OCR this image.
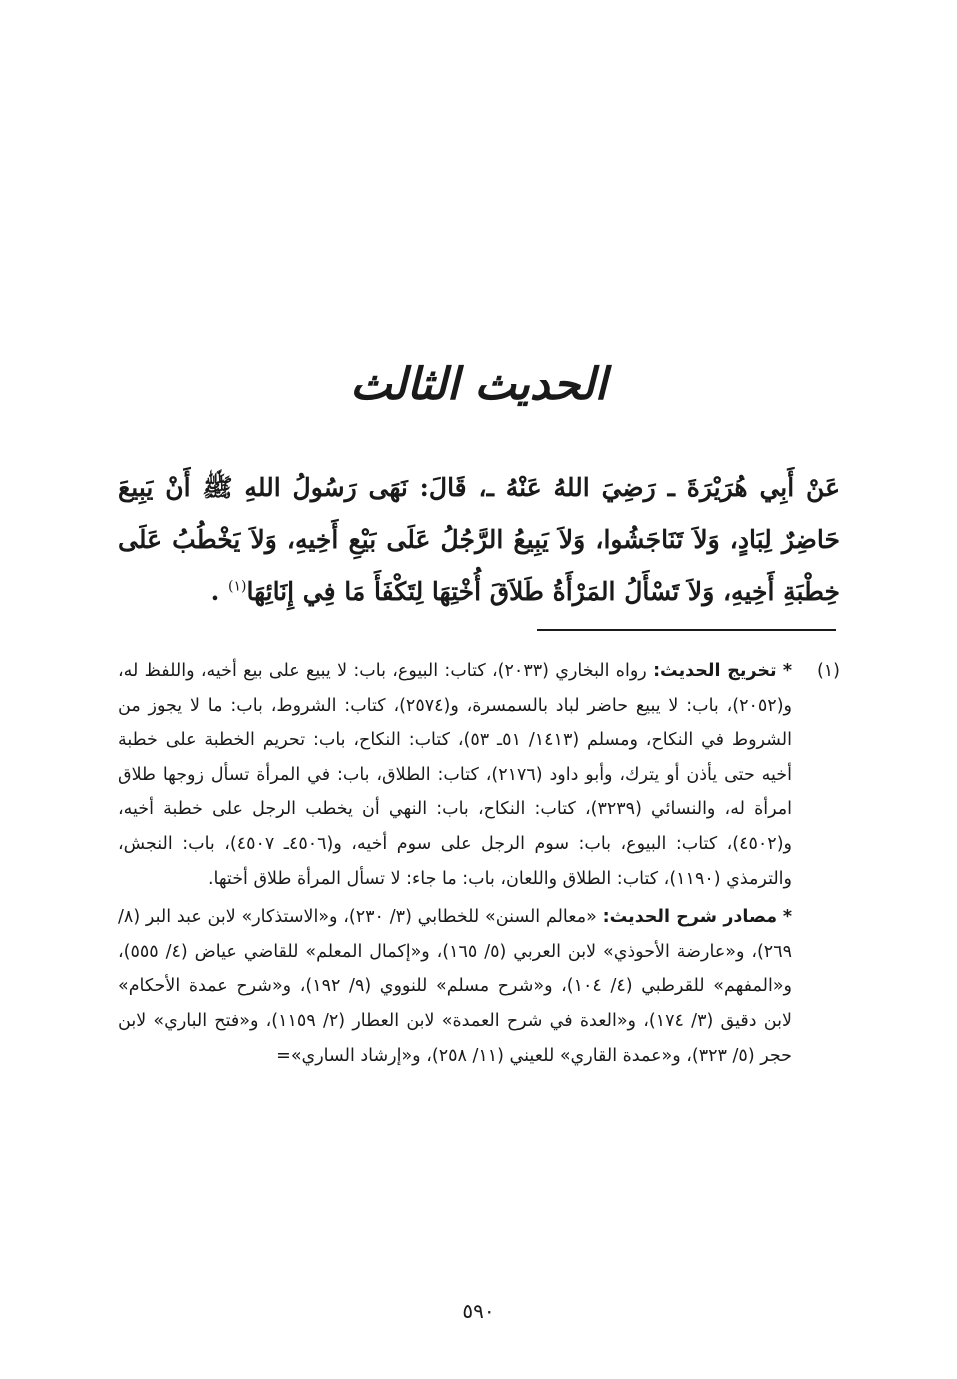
الحديث الثالث
عَنْ أَبِي هُرَيْرَةَ ـ رَضِيَ اللهُ عَنْهُ ـ، قَالَ: نَهَى رَسُولُ اللهِ ﷺ أَنْ يَبِيعَ حَاضِرٌ لِبَادٍ، وَلاَ تَنَاجَشُوا، وَلاَ يَبِيعُ الرَّجُلُ عَلَى بَيْعِ أَخِيهِ، وَلاَ يَخْطُبُ عَلَى خِطْبَةِ أَخِيهِ، وَلاَ تَسْأَلُ المَرْأَةُ طَلاَقَ أُخْتِهَا لِتَكْفَأَ مَا فِي إِنَائِهَا$^{(١)}$ .
(١)

* تخريج الحديث: رواه البخاري (٢٠٣٣)، كتاب: البيوع، باب: لا يبيع على بيع أخيه، واللفظ له، و(٢٠٥٢)، باب: لا يبيع حاضر لباد بالسمسرة، و(٢٥٧٤)، كتاب: الشروط، باب: ما لا يجوز من الشروط في النكاح، ومسلم (١٤١٣/ ٥١ـ ٥٣)، كتاب: النكاح، باب: تحريم الخطبة على خطبة أخيه حتى يأذن أو يترك، وأبو داود (٢١٧٦)، كتاب: الطلاق، باب: في المرأة تسأل زوجها طلاق امرأة له، والنسائي (٣٢٣٩)، كتاب: النكاح، باب: النهي أن يخطب الرجل على خطبة أخيه، و(٤٥٠٢)، كتاب: البيوع، باب: سوم الرجل على سوم أخيه، و(٤٥٠٦ـ ٤٥٠٧)، باب: النجش، والترمذي (١١٩٠)، كتاب: الطلاق واللعان، باب: ما جاء: لا تسأل المرأة طلاق أختها.

* مصادر شرح الحديث: «معالم السنن» للخطابي (٣/ ٢٣٠)، و«الاستذكار» لابن عبد البر (٨/ ٢٦٩)، و«عارضة الأحوذي» لابن العربي (٥/ ١٦٥)، و«إكمال المعلم» للقاضي عياض (٤/ ٥٥٥)، و«المفهم» للقرطبي (٤/ ١٠٤)، و«شرح مسلم» للنووي (٩/ ١٩٢)، و«شرح عمدة الأحكام» لابن دقيق (٣/ ١٧٤)، و«العدة في شرح العمدة» لابن العطار (٢/ ١١٥٩)، و«فتح الباري» لابن حجر (٥/ ٣٢٣)، و«عمدة القاري» للعيني (١١/ ٢٥٨)، و«إرشاد الساري»=

٥٩٠
